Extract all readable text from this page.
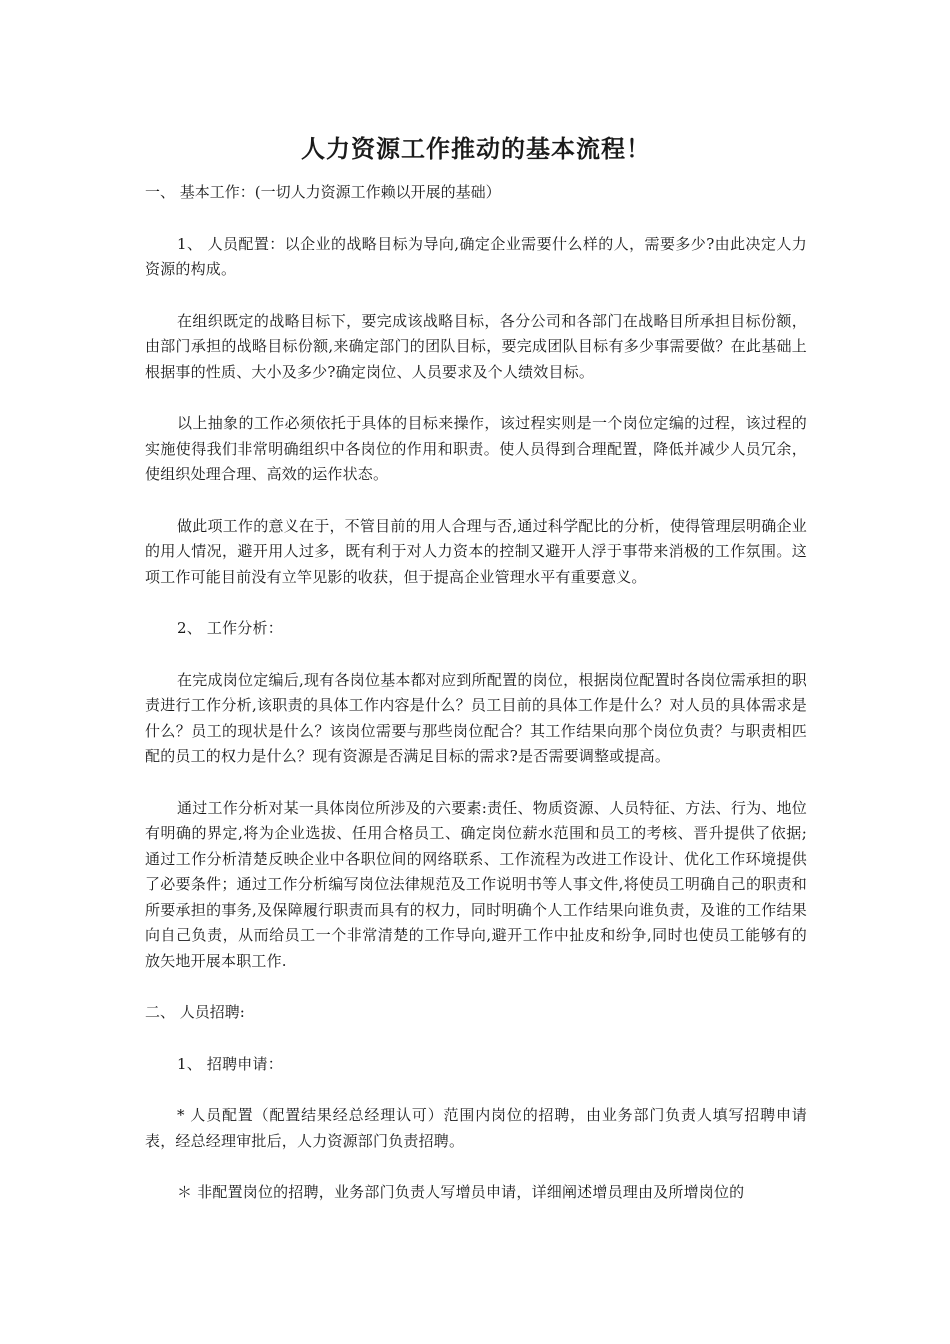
人力资源工作推动的基本流程！
一、 基本工作：(一切人力资源工作赖以开展的基础）

1、 人员配置：以企业的战略目标为导向,确定企业需要什么样的人，需要多少?由此决定人力资源的构成。

在组织既定的战略目标下，要完成该战略目标，各分公司和各部门在战略目所承担目标份额，由部门承担的战略目标份额,来确定部门的团队目标，要完成团队目标有多少事需要做？在此基础上根据事的性质、大小及多少?确定岗位、人员要求及个人绩效目标。

以上抽象的工作必须依托于具体的目标来操作，该过程实则是一个岗位定编的过程，该过程的实施使得我们非常明确组织中各岗位的作用和职责。使人员得到合理配置，降低并减少人员冗余，使组织处理合理、高效的运作状态。

做此项工作的意义在于，不管目前的用人合理与否,通过科学配比的分析，使得管理层明确企业的用人情况，避开用人过多，既有利于对人力资本的控制又避开人浮于事带来消极的工作氛围。这项工作可能目前没有立竿见影的收获，但于提高企业管理水平有重要意义。

2、 工作分析：

在完成岗位定编后,现有各岗位基本都对应到所配置的岗位，根据岗位配置时各岗位需承担的职责进行工作分析,该职责的具体工作内容是什么？员工目前的具体工作是什么？对人员的具体需求是什么？员工的现状是什么？该岗位需要与那些岗位配合？其工作结果向那个岗位负责？与职责相匹配的员工的权力是什么？现有资源是否满足目标的需求?是否需要调整或提高。

通过工作分析对某一具体岗位所涉及的六要素:责任、物质资源、人员特征、方法、行为、地位有明确的界定,将为企业选拔、任用合格员工、确定岗位薪水范围和员工的考核、晋升提供了依据;通过工作分析清楚反映企业中各职位间的网络联系、工作流程为改进工作设计、优化工作环境提供了必要条件；通过工作分析编写岗位法律规范及工作说明书等人事文件,将使员工明确自己的职责和所要承担的事务,及保障履行职责而具有的权力，同时明确个人工作结果向谁负责，及谁的工作结果向自己负责，从而给员工一个非常清楚的工作导向,避开工作中扯皮和纷争,同时也使员工能够有的放矢地开展本职工作.

二、 人员招聘:

1、 招聘申请：

* 人员配置（配置结果经总经理认可）范围内岗位的招聘，由业务部门负责人填写招聘申请表，经总经理审批后，人力资源部门负责招聘。

＊ 非配置岗位的招聘，业务部门负责人写增员申请，详细阐述增员理由及所增岗位的
